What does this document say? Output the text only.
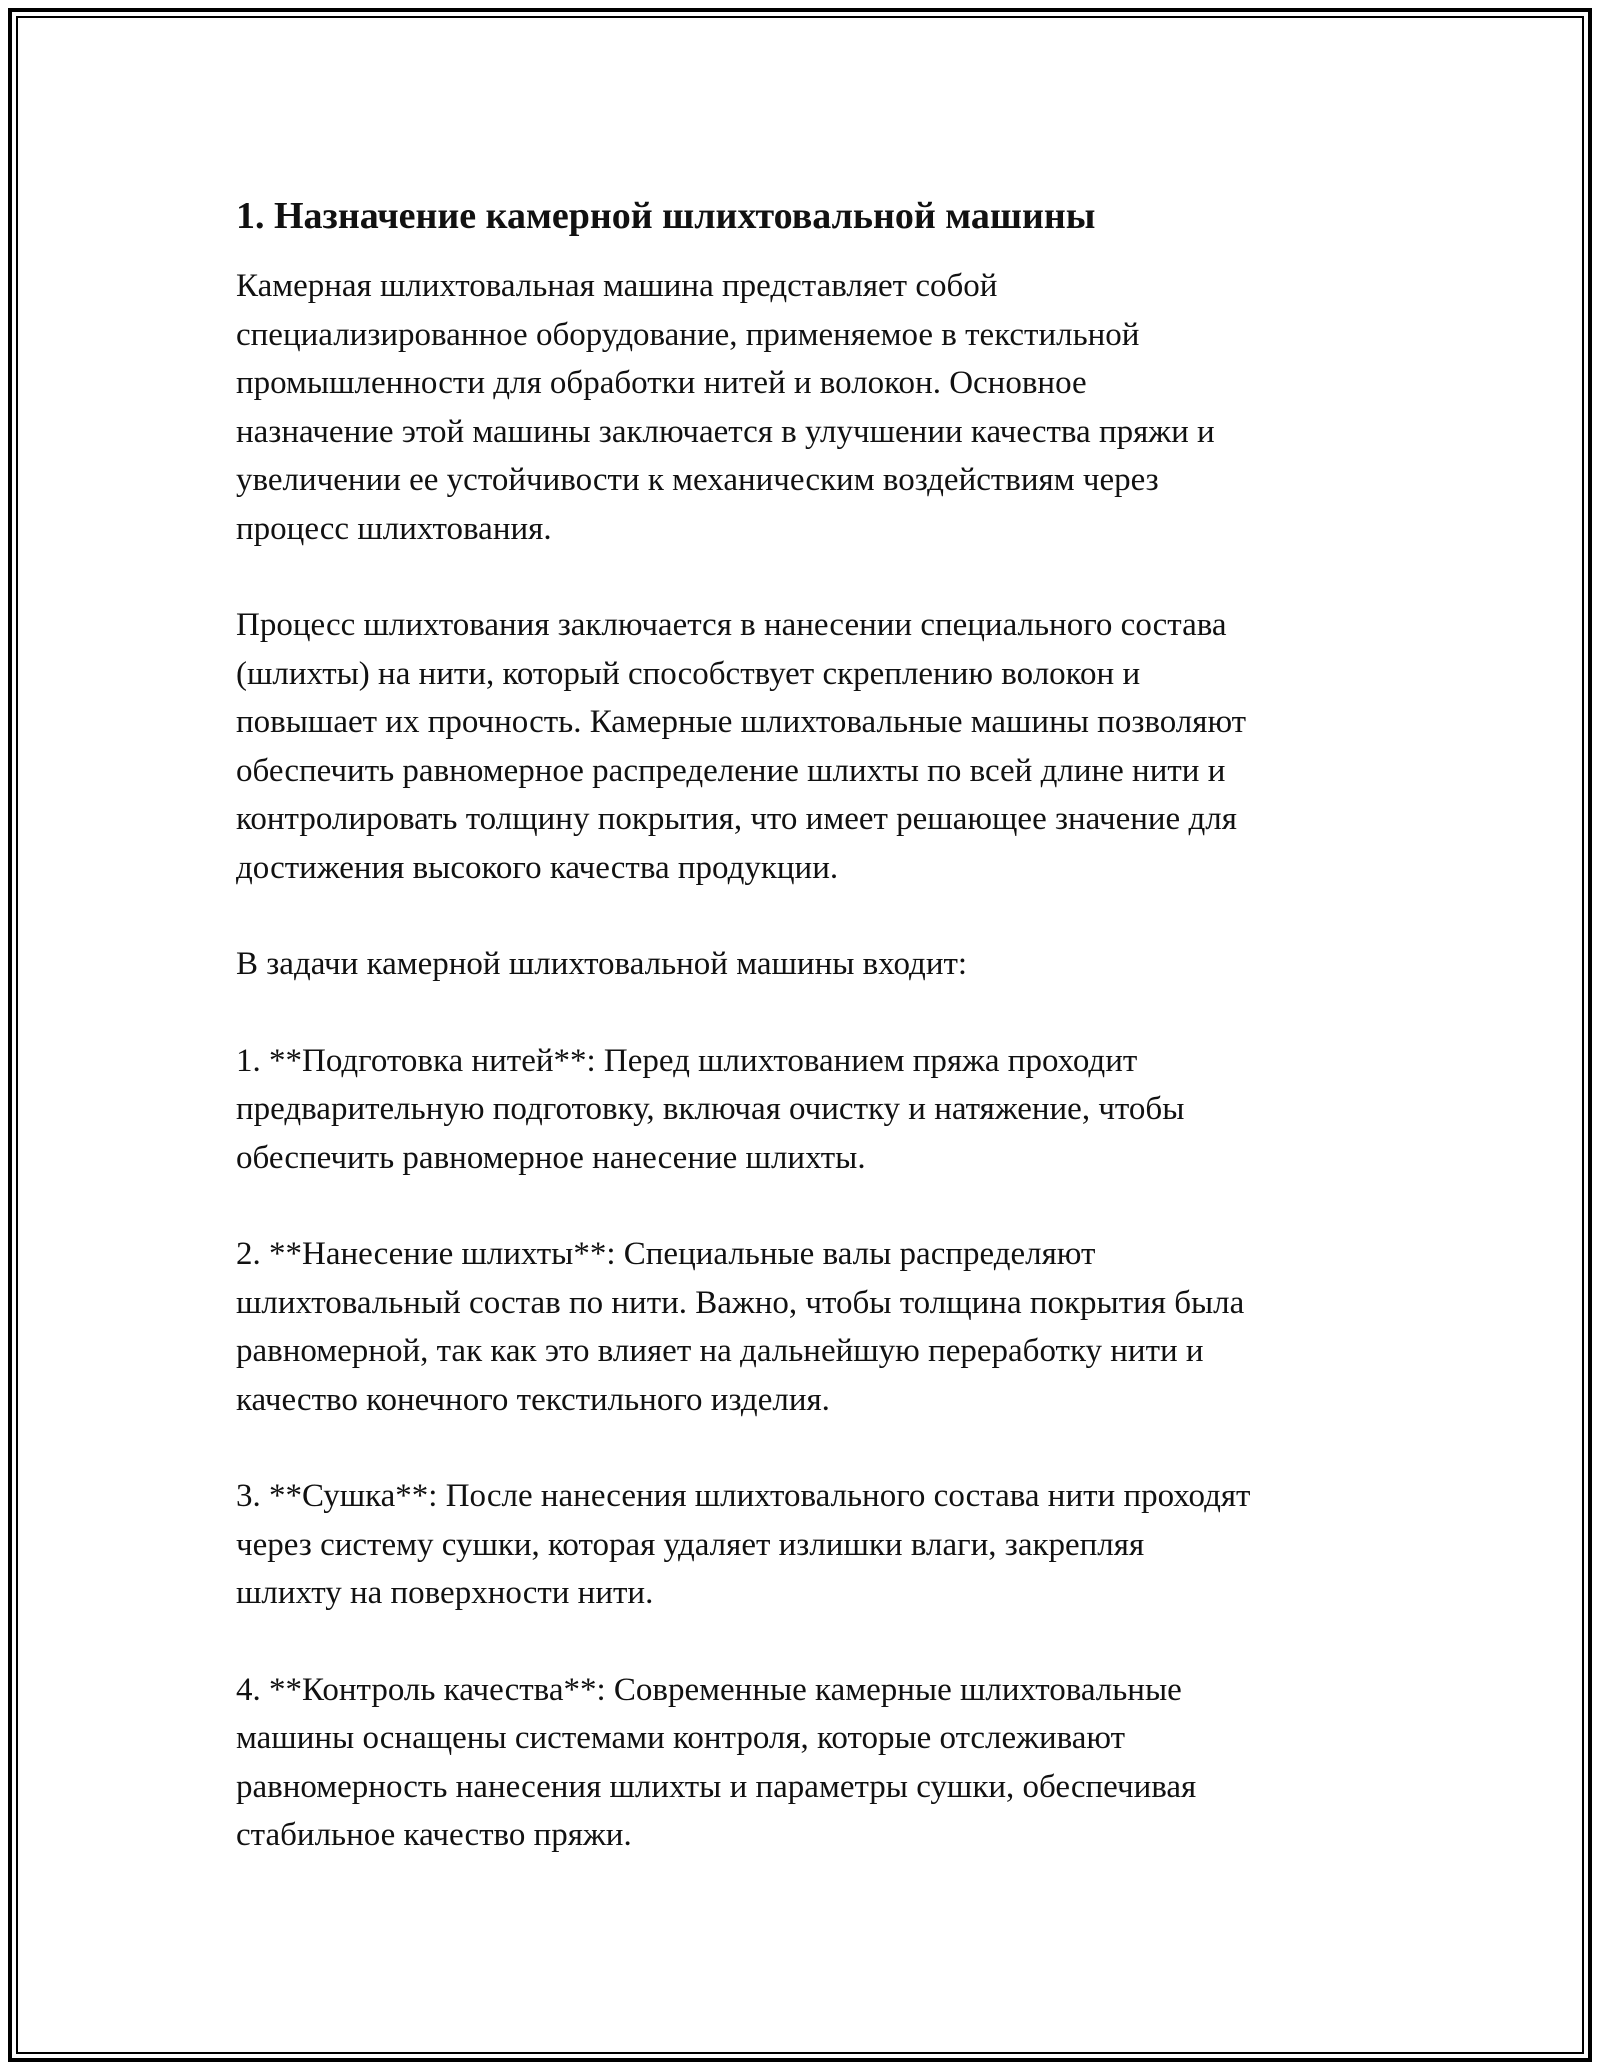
1. Назначение камерной шлихтовальной машины

Камерная шлихтовальная машина представляет собой
специализированное оборудование, применяемое в текстильной
промышленности для обработки нитей и волокон. Основное
назначение этой машины заключается в улучшении качества пряжи и
увеличении ее устойчивости к механическим воздействиям через
процесс шлихтования.

Процесс шлихтования заключается в нанесении специального состава
(шлихты) на нити, который способствует скреплению волокон и
повышает их прочность. Камерные шлихтовальные машины позволяют
обеспечить равномерное распределение шлихты по всей длине нити и
контролировать толщину покрытия, что имеет решающее значение для
достижения высокого качества продукции.

В задачи камерной шлихтовальной машины входит:

1. **Подготовка нитей**: Перед шлихтованием пряжа проходит
предварительную подготовку, включая очистку и натяжение, чтобы
обеспечить равномерное нанесение шлихты.

2. **Нанесение шлихты**: Специальные валы распределяют
шлихтовальный состав по нити. Важно, чтобы толщина покрытия была
равномерной, так как это влияет на дальнейшую переработку нити и
качество конечного текстильного изделия.

3. **Сушка**: После нанесения шлихтовального состава нити проходят
через систему сушки, которая удаляет излишки влаги, закрепляя
шлихту на поверхности нити.

4. **Контроль качества**: Современные камерные шлихтовальные
машины оснащены системами контроля, которые отслеживают
равномерность нанесения шлихты и параметры сушки, обеспечивая
стабильное качество пряжи.
